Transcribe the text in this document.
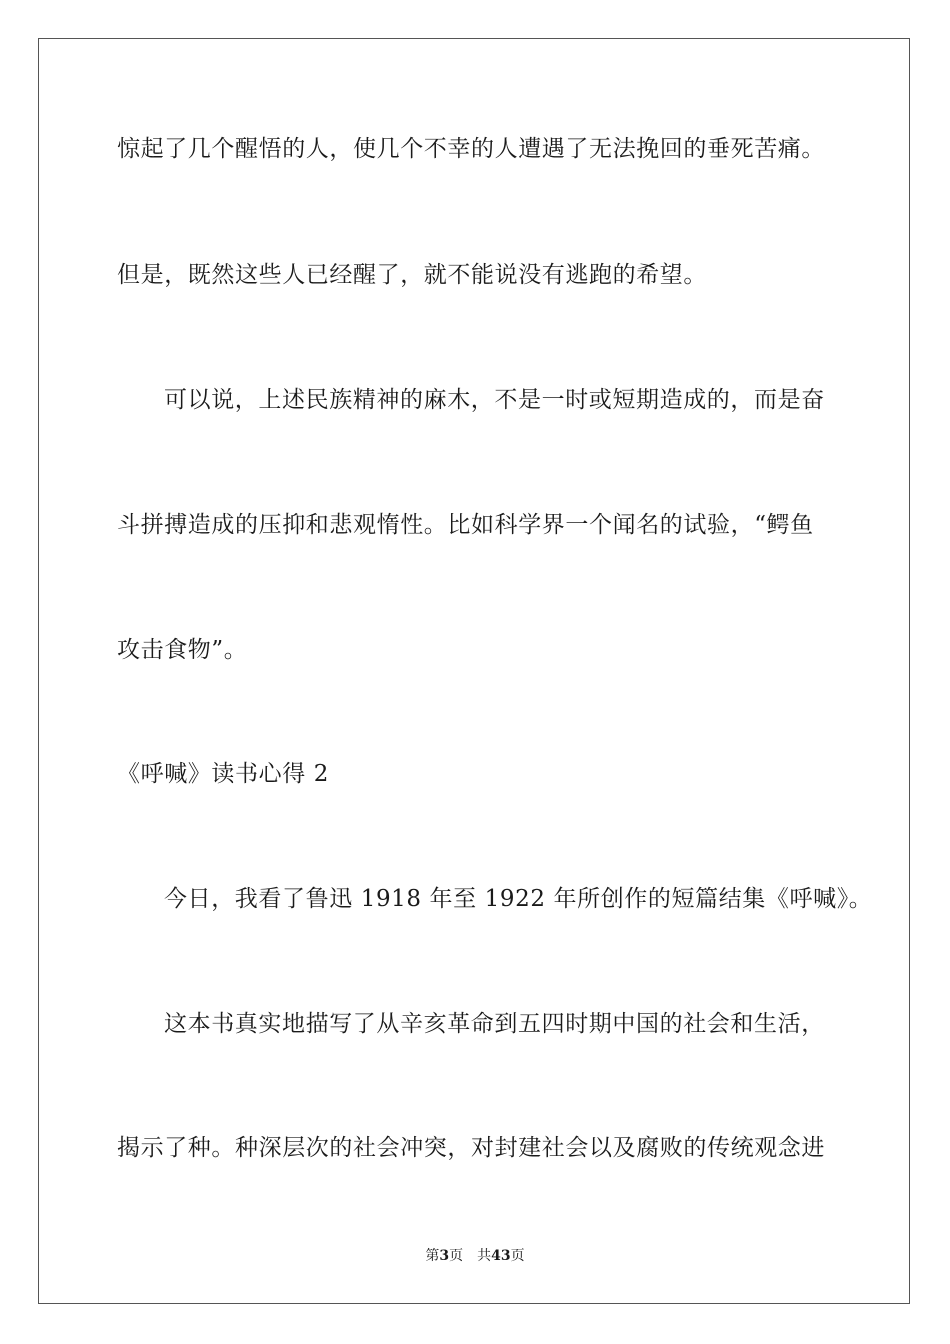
惊起了几个醒悟的人，使几个不幸的人遭遇了无法挽回的垂死苦痛。
但是，既然这些人已经醒了，就不能说没有逃跑的希望。
可以说，上述民族精神的麻木，不是一时或短期造成的，而是奋
斗拼搏造成的压抑和悲观惰性。比如科学界一个闻名的试验，“鳄鱼
攻击食物”。
《呼喊》读书心得 2
今日，我看了鲁迅 1918 年至 1922 年所创作的短篇结集《呼喊》。
这本书真实地描写了从辛亥革命到五四时期中国的社会和生活，
揭示了种。种深层次的社会冲突，对封建社会以及腐败的传统观念进
第3页 共43页
